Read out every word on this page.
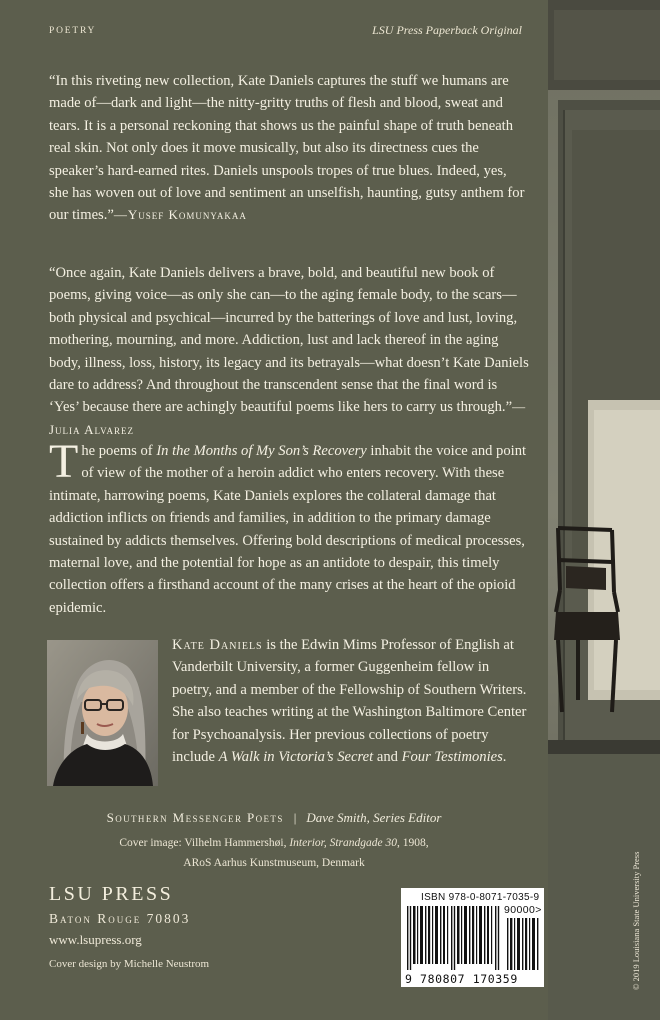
POETRY	LSU Press Paperback Original

“In this riveting new collection, Kate Daniels captures the stuff we humans are made of—dark and light—the nitty-gritty truths of flesh and blood, sweat and tears. It is a personal reckoning that shows us the painful shape of truth beneath real skin. Not only does it move musically, but also its directness cues the speaker’s hard-earned rites. Daniels unspools tropes of true blues. Indeed, yes, she has woven out of love and sentiment an unselfish, haunting, gutsy anthem for our times.”—Yusef Komunyakaa

“Once again, Kate Daniels delivers a brave, bold, and beautiful new book of poems, giving voice—as only she can—to the aging female body, to the scars—both physical and psychical—incurred by the batterings of love and lust, loving, mothering, mourning, and more. Addiction, lust and lack thereof in the aging body, illness, loss, history, its legacy and its betrayals—what doesn’t Kate Daniels dare to address? And throughout the transcendent sense that the final word is ‘Yes’ because there are achingly beautiful poems like hers to carry us through.”—Julia Alvarez

The poems of In the Months of My Son’s Recovery inhabit the voice and point of view of the mother of a heroin addict who enters recovery. With these intimate, harrowing poems, Kate Daniels explores the collateral damage that addiction inflicts on friends and families, in addition to the primary damage sustained by addicts themselves. Offering bold descriptions of medical processes, maternal love, and the potential for hope as an antidote to despair, this timely collection offers a firsthand account of the many crises at the heart of the opioid epidemic.

Kate Daniels is the Edwin Mims Professor of English at Vanderbilt University, a former Guggenheim fellow in poetry, and a member of the Fellowship of Southern Writers. She also teaches writing at the Washington Baltimore Center for Psychoanalysis. Her previous collections of poetry include A Walk in Victoria’s Secret and Four Testimonies.

Southern Messenger Poets | Dave Smith, Series Editor
Cover image: Vilhelm Hammershøi, Interior, Strandgade 30, 1908,
ARoS Aarhus Kunstmuseum, Denmark
LSU PRESS
Baton Rouge 70803
www.lsupress.org
Cover design by Michelle Neustrom
ISBN 978-0-8071-7035-9
90000>
9 780807 170359	© 2019 Louisiana State University Press
